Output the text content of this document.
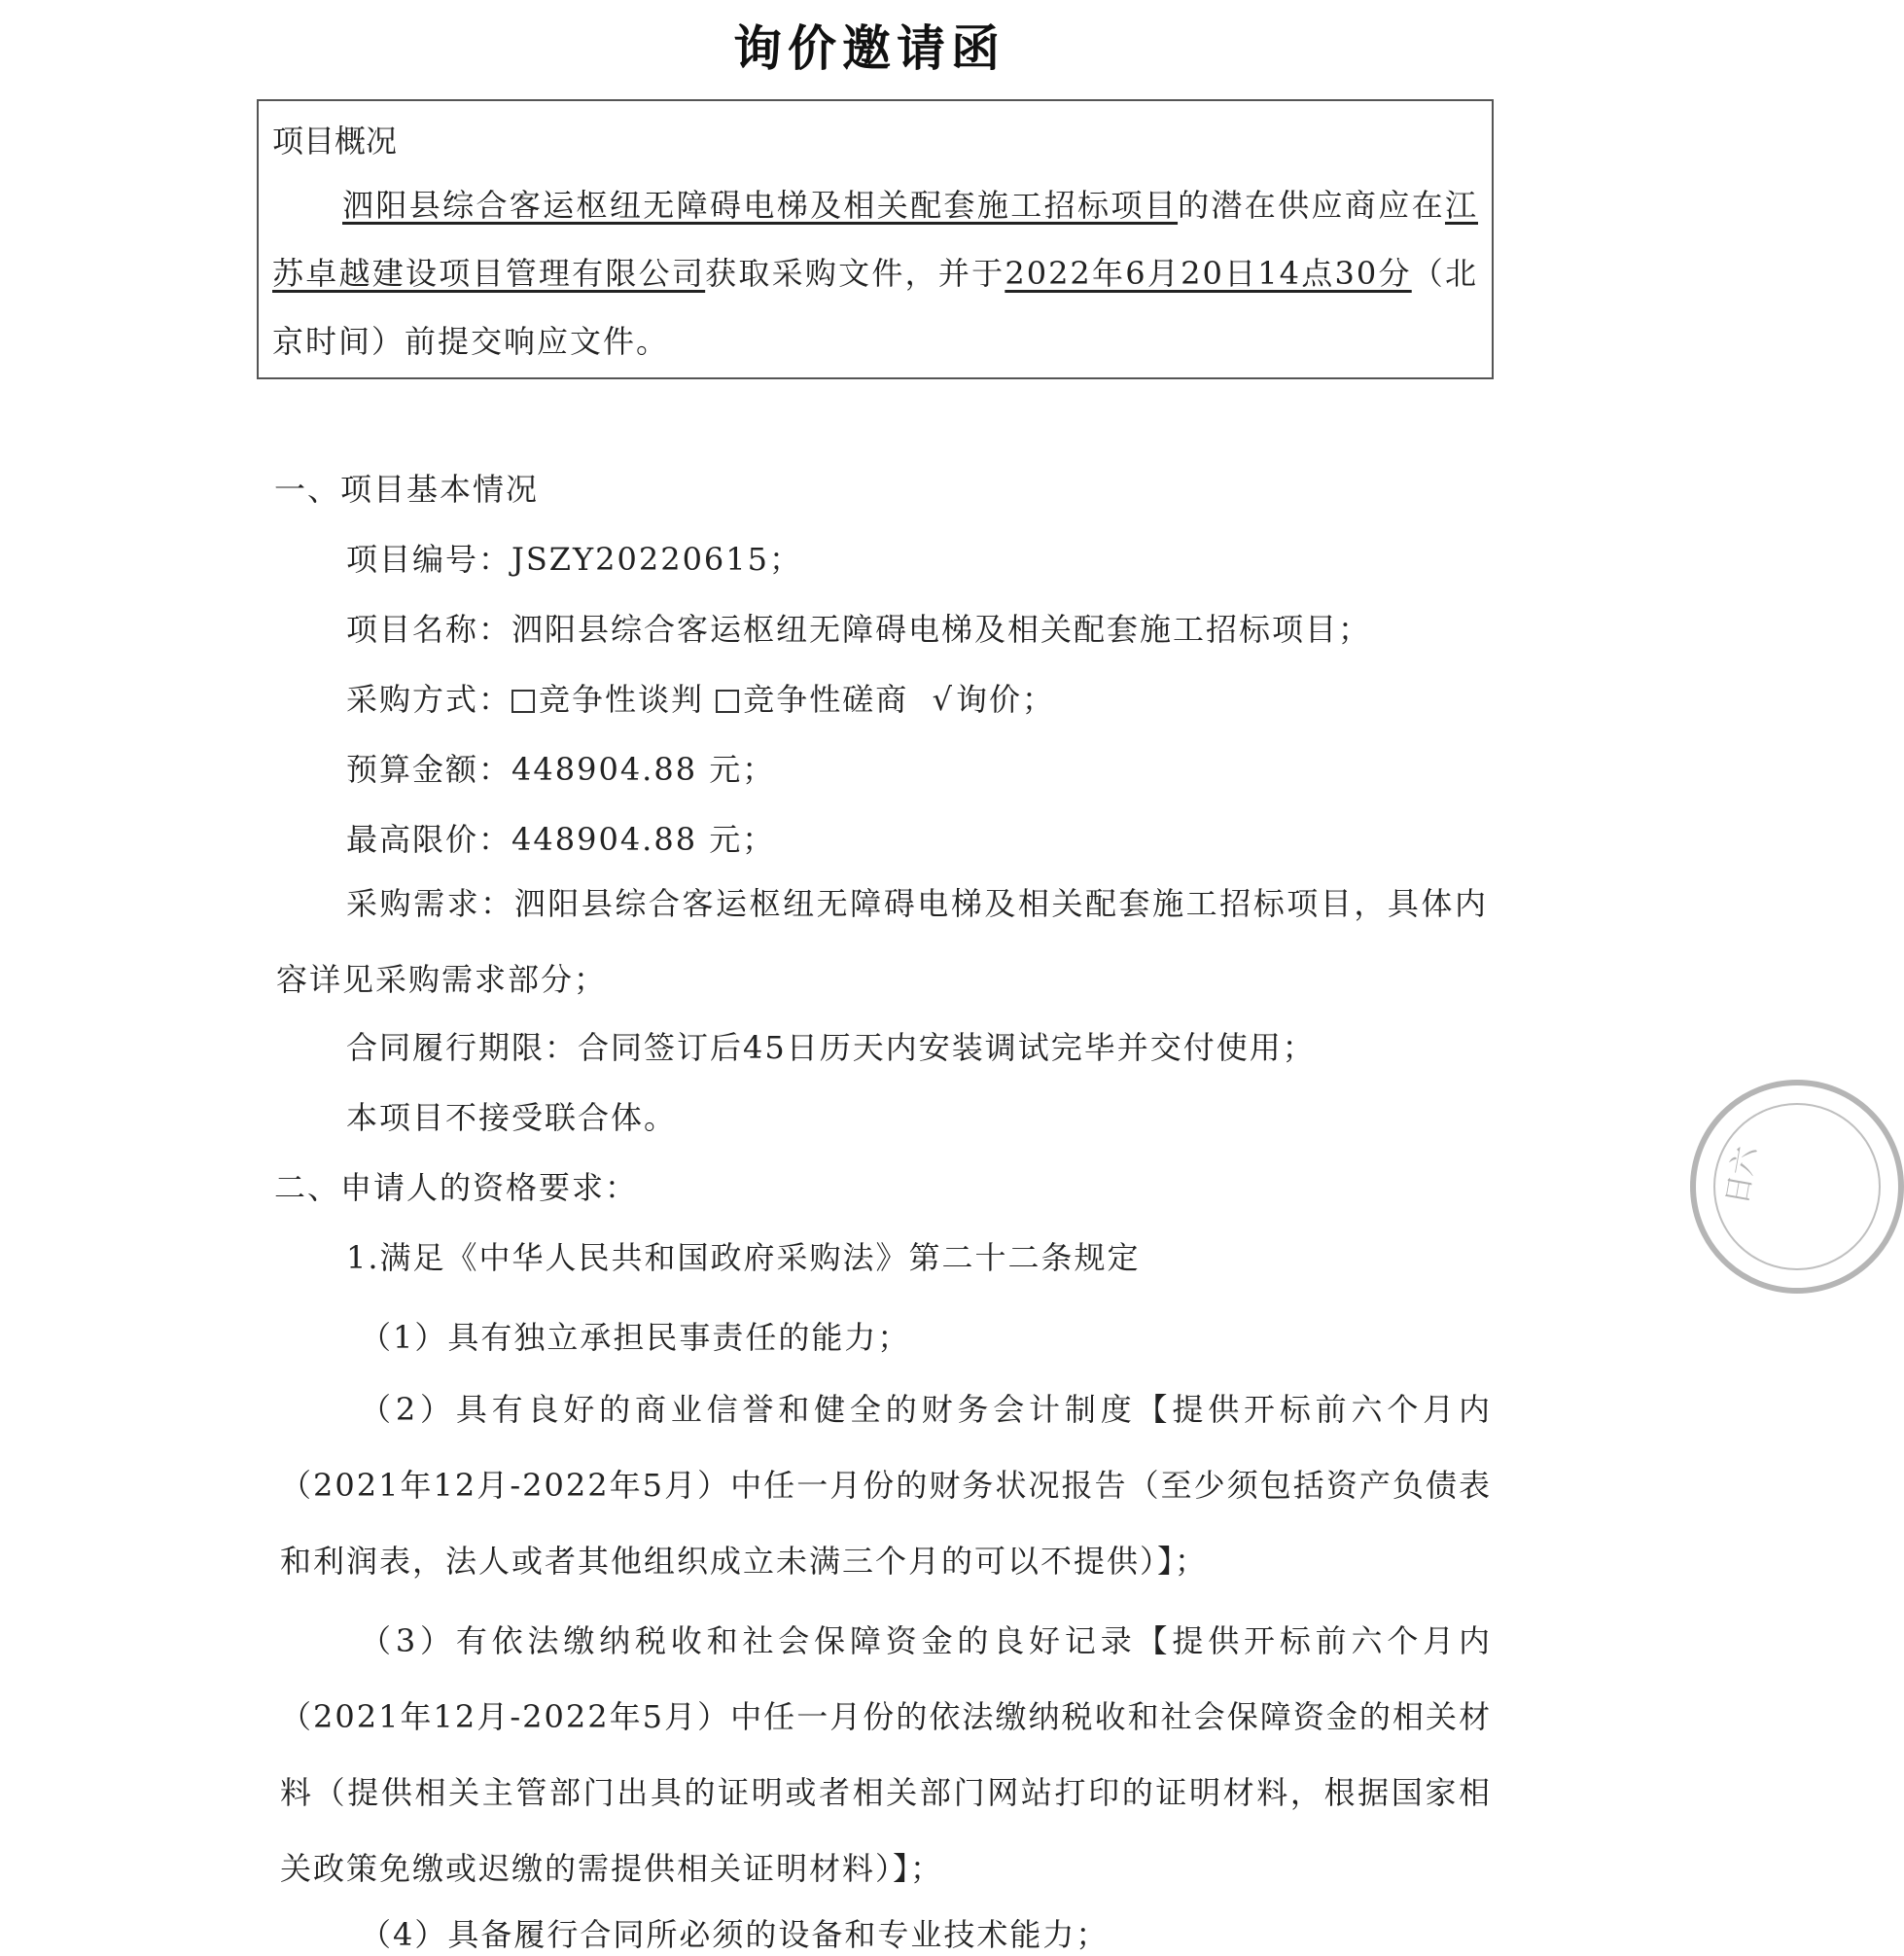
询价邀请函
项目概况

泗阳县综合客运枢纽无障碍电梯及相关配套施工招标项目的潜在供应商应在江苏卓越建设项目管理有限公司获取采购文件，并于2022年6月20日14点30分（北京时间）前提交响应文件。

一、项目基本情况
项目编号：JSZY20220615；
项目名称：泗阳县综合客运枢纽无障碍电梯及相关配套施工招标项目；
采购方式： 竞争性谈判 竞争性磋商 √询价；
预算金额：448904.88 元；
最高限价：448904.88 元；
采购需求：泗阳县综合客运枢纽无障碍电梯及相关配套施工招标项目，具体内容详见采购需求部分；
合同履行期限：合同签订后45日历天内安装调试完毕并交付使用；
本项目不接受联合体。
二、申请人的资格要求：
1.满足《中华人民共和国政府采购法》第二十二条规定
（1）具有独立承担民事责任的能力；
（2）具有良好的商业信誉和健全的财务会计制度【提供开标前六个月内（2021年12月-2022年5月）中任一月份的财务状况报告（至少须包括资产负债表和利润表，法人或者其他组织成立未满三个月的可以不提供）】；
（3）有依法缴纳税收和社会保障资金的良好记录【提供开标前六个月内（2021年12月-2022年5月）中任一月份的依法缴纳税收和社会保障资金的相关材料（提供相关主管部门出具的证明或者相关部门网站打印的证明材料，根据国家相关政策免缴或迟缴的需提供相关证明材料）】；
（4）具备履行合同所必须的设备和专业技术能力；
日六
